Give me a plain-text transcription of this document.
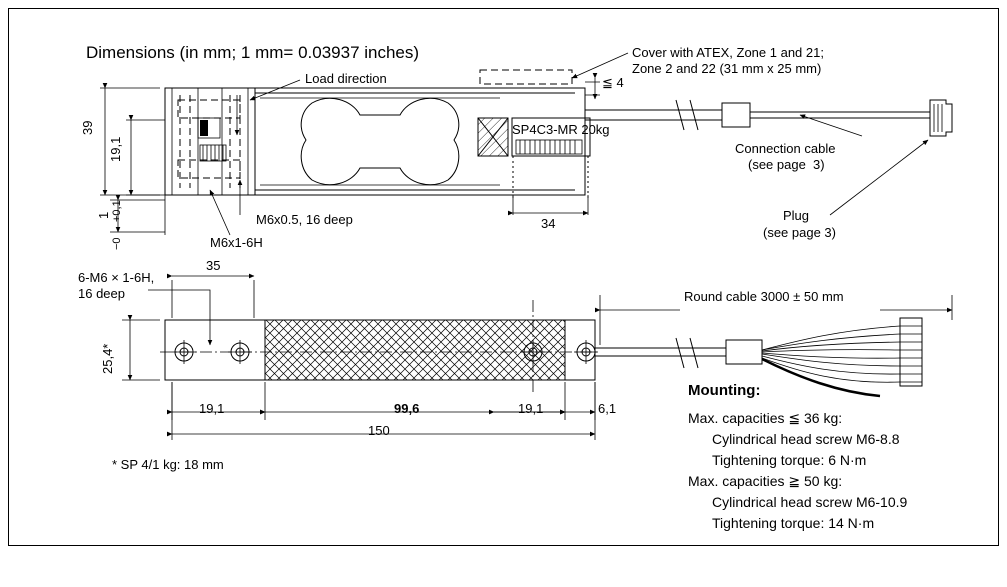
Dimensions (in mm; 1 mm= 0.03937 inches)
Load direction
Cover with ATEX, Zone 1 and 21;
Zone 2 and 22 (31 mm x 25 mm)
≦ 4
SP4C3-MR 20kg
Connection cable
(see page  3)
Plug
(see page 3)
39
19,1
1 +0,1
−0
M6x0.5, 16 deep
M6x1-6H
34
6-M6 × 1-6H,
16 deep
35
25,4*
19,1	99,6	19,1	6,1
150
Round cable 3000 ± 50 mm
* SP 4/1 kg: 18 mm
Mounting:
Max. capacities ≦ 36 kg:
Cylindrical head screw M6-8.8
Tightening torque: 6 N·m
Max. capacities ≧ 50 kg:
Cylindrical head screw M6-10.9
Tightening torque: 14 N·m
